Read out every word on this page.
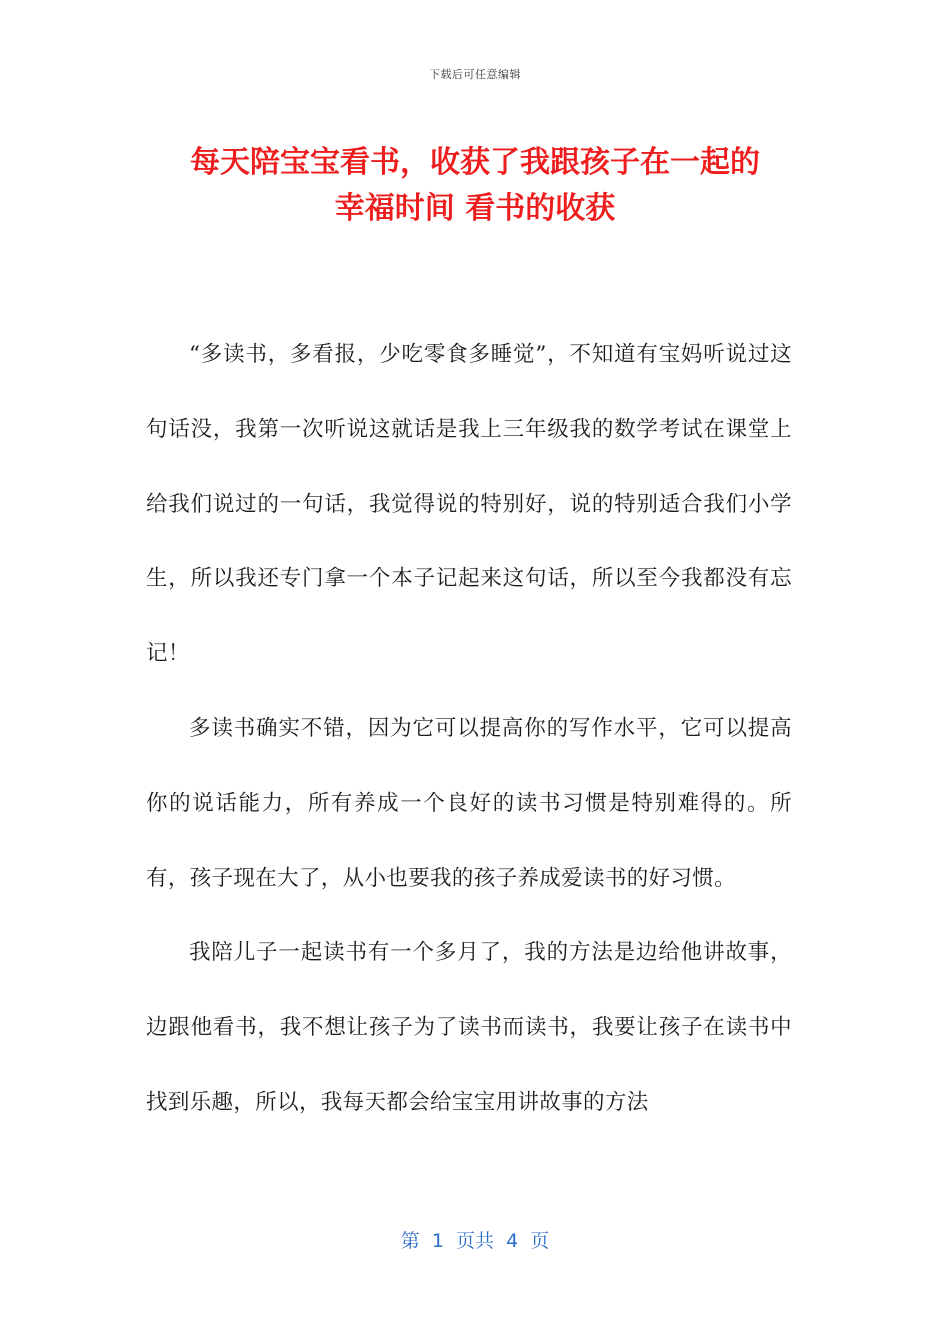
下载后可任意编辑
每天陪宝宝看书，收获了我跟孩子在一起的
幸福时间 看书的收获

“多读书，多看报，少吃零食多睡觉”，不知道有宝妈听说过这句话没，我第一次听说这就话是我上三年级我的数学考试在课堂上给我们说过的一句话，我觉得说的特别好，说的特别适合我们小学生，所以我还专门拿一个本子记起来这句话，所以至今我都没有忘记！

多读书确实不错，因为它可以提高你的写作水平，它可以提高你的说话能力，所有养成一个良好的读书习惯是特别难得的。所有，孩子现在大了，从小也要我的孩子养成爱读书的好习惯。

我陪儿子一起读书有一个多月了，我的方法是边给他讲故事，边跟他看书，我不想让孩子为了读书而读书，我要让孩子在读书中找到乐趣，所以，我每天都会给宝宝用讲故事的方法

第  1  页共  4  页
